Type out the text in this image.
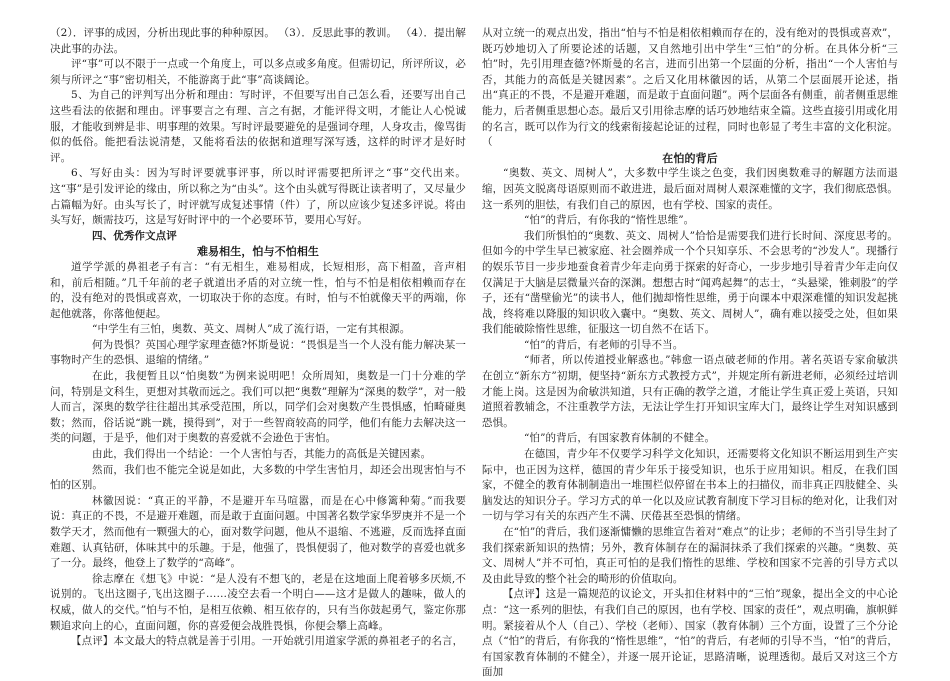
（2）．评事的成因，分析出现此事的种种原因。 （3）．反思此事的教训。 （4）．提出解决此事的办法。

评“事”可以不限于一点或一个角度上，可以多点或多角度。但需切记，所评所议，必须与所评之“事”密切相关，不能游离于此“事”高谈阔论。

5、为自己的评判写出分析和理由：写时评，不但要写出自己怎么看，还要写出自己这些看法的依据和理由。评事要言之有理、言之有据，才能评得文明，才能让人心悦诚服，才能收到辨是非、明事理的效果。写时评最要避免的是强词夺理，人身攻击，像骂街似的低俗。能把看法说清楚，又能将看法的依据和道理写深写透，这样的时评才是好时评。

6、写好由头：因为写时评要就事评事，所以时评需要把所评之“事”交代出来。这“事”是引发评论的缘由，所以称之为“由头”。这个由头就写得既让读者明了，又尽量少占篇幅为好。由头写长了，时评就写成复述事情（件）了，所以应该少复述多评说。将由头写好，颇需技巧，这是写好时评中的一个必要环节，要用心写好。

四、优秀作文点评

难易相生，怕与不怕相生

道学学派的鼻祖老子有言：“有无相生，难易相成，长短相形，高下相盈，音声相和，前后相随。”几千年前的老子就道出矛盾的对立统一性，怕与不怕是相依相赖而存在的，没有绝对的畏惧或喜欢，一切取决于你的态度。有时，怕与不怕就像天平的两端，你起他就落，你落他便起。

“中学生有三怕，奥数、英文、周树人”成了流行语，一定有其根源。

何为畏惧？英国心理学家理查德?怀斯曼说：“畏惧是当一个人没有能力解决某一事物时产生的恐惧、退缩的情绪。”

在此，我便暂且以“怕奥数”为例来说明吧！众所周知，奥数是一门十分难的学问，特别是文科生，更想对其敬而远之。我们可以把“奥数”理解为“深奥的数学”，对一般人而言，深奥的数学往往超出其承受范围，所以，同学们会对奥数产生畏惧感，怕畸碰奥数；然而，俗话说“跳一跳，摸得到”，对于一些智商较高的同学，他们有能力去解决这一类的问题，于是乎，他们对于奥数的喜爱就不会逊色于害怕。

由此，我们得出一个结论：一个人害怕与否，其能力的高低是关键因素。

然而，我们也不能完全说是如此，大多数的中学生害怕月，却还会出现害怕与不怕的区别。

林徽因说：“真正的平静，不是避开车马喧嚣，而是在心中修篱种菊。”而我要说：真正的不畏，不是避开难题，而是敢于直面问题。中国著名数学家华罗庚并不是一个数学天才，然而他有一颗强大的心，面对数学问题，他从不退缩、不逃避，反而选择直面难题、认真钻研，体味其中的乐趣。于是，他强了，畏惧便弱了，他对数学的喜爱也就多了一分。最终，他登上了数学的“高峰”。

徐志摩在《想飞》中说：“是人没有不想飞的，老是在这地面上爬着够多厌烦,不说别的。飞出这圈子,飞出这圈子……凌空去看一个明白——这才是做人的趣味，做人的权威，做人的交代。”怕与不怕，是相互依赖、相互依存的，只有当你鼓起勇气，鉴定你那颗追求向上的心，直面问题，你的喜爱便会战胜畏惧，你便会攀上高峰。

【点评】本文最大的特点就是善于引用。一开始就引用道家学派的鼻祖老子的名言，

从对立统一的观点出发，指出“怕与不怕是相依相赖而存在的，没有绝对的畏惧或喜欢”，既巧妙地切入了所要论述的话题，又自然地引出中学生“三怕”的分析。在具体分析“三怕”时，先引用理查德?怀斯曼的名言，进而引出第一个层面的分析，指出“一个人害怕与否，其能力的高低是关键因素”。之后又化用林徽因的话，从第二个层面展开论述，指出“真正的不畏，不是避开难题，而是敢于直面问题”。两个层面各有侧重，前者侧重思维能力，后者侧重思想心态。最后又引用徐志摩的话巧妙地结束全篇。这些直接引用或化用的名言，既可以作为行文的线索衔接起论证的过程，同时也彰显了考生丰富的文化积淀。（

在怕的背后

“奥数、英文、周树人”，大多数中学生谈之色变，我们因奥数难寻的解题方法而退缩，因英文脱离母语原则而不敢进进，最后面对周树人艰深难懂的文字，我们彻底恐惧。这一系列的胆怯，有我们自己的原因，也有学校、国家的责任。

“怕”的背后，有你我的“惰性思维”。

我们所惧怕的“奥数、英文、周树人”恰恰是需要我们进行长时间、深度思考的。但如今的中学生早已被家庭、社会圈养成一个个只知享乐、不会思考的“沙发人”。现播行的娱乐节目一步步地蚕食着青少年走向勇于探索的好奇心，一步步地引导着青少年走向仅仅满足于大脑是层微量兴奋的深渊。想想古时“闻鸡起舞”的志士，“头悬梁，锥刺股”的学子，还有“凿壁偷光”的读书人，他们抛却惰性思维，勇于向课本中艰深难懂的知识发起挑战，终将难以降服的知识收入囊中。“奥数、英文、周树人”，确有难以接受之处，但如果我们能破除惰性思维，征服这一切自然不在话下。

“怕”的背后，有老师的引导不当。

“师者，所以传道授业解惑也。”韩愈一语点破老师的作用。著名英语专家俞敏洪在创立“新东方”初期，便坚持“新东方式教授方式”，并规定所有新进老师，必须经过培训才能上岗。这是因为俞敏洪知道，只有正确的教学之道，才能让学生真正爱上英语，只知道照着教辅念，不注重教学方法，无法让学生打开知识宝库大门，最终让学生对知识感到恐惧。

“怕”的背后，有国家教育体制的不健全。

在德国，青少年不仅要学习科学文化知识，还需要将文化知识不断运用到生产实际中，也正因为这样，德国的青少年乐于接受知识，也乐于应用知识。相反，在我们国家，不健全的教育体制制造出一堆围栏似停留在书本上的扫描仪，而非真正四肢健全、头脑发达的知识分子。学习方式的单一化以及应试教育制度下学习目标的绝对化，让我们对一切与学习有关的东西产生不满、厌倦甚至恐惧的情绪。

在“怕”的背后，我们逐渐慵懒的思维宣告着对“难点”的让步；老师的不当引导生封了我们探索新知识的热情；另外，教育体制存在的漏洞抹杀了我们探索的兴趣。“奥数、英文、周树人”并不可怕，真正可怕的是我们惰性的思维、学校和国家不完善的引导方式以及由此导致的整个社会的畸形的价值取向。

【点评】这是一篇规范的议论文，开头扣住材料中的“三怕”现象，提出全文的中心论点：“这一系列的胆怯，有我们自己的原因，也有学校、国家的责任”，观点明确，旗帜鲜明。紧接着从个人（自己）、学校（老师）、国家（教育体制）三个方面，设置了三个分论点（“怕”的背后，有你我的“惰性思维”，“怕”的背后，有老师的引导不当，“怕”的背后，有国家教育体制的不健全），并逐一展开论证，思路清晰，说理透彻。最后又对这三个方面加
